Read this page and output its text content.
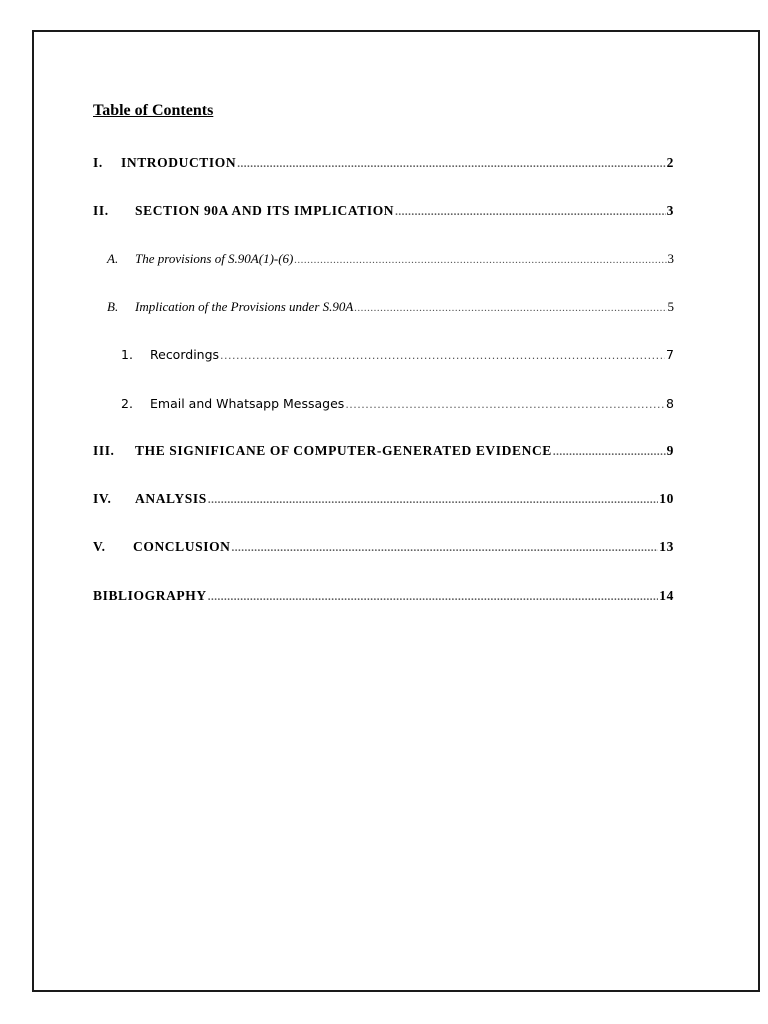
Table of Contents
I.	INTRODUCTION .....	2
II.	SECTION 90A AND ITS IMPLICATION .....	3
A.	The provisions of S.90A(1)-(6) .....	3
B.	Implication of the Provisions under S.90A .....	5
1.	Recordings .....	7
2.	Email and Whatsapp Messages .....	8
III.	THE SIGNIFICANE OF COMPUTER-GENERATED EVIDENCE .....	9
IV.	ANALYSIS .....	10
V.	CONCLUSION .....	13
BIBLIOGRAPHY .....	14
